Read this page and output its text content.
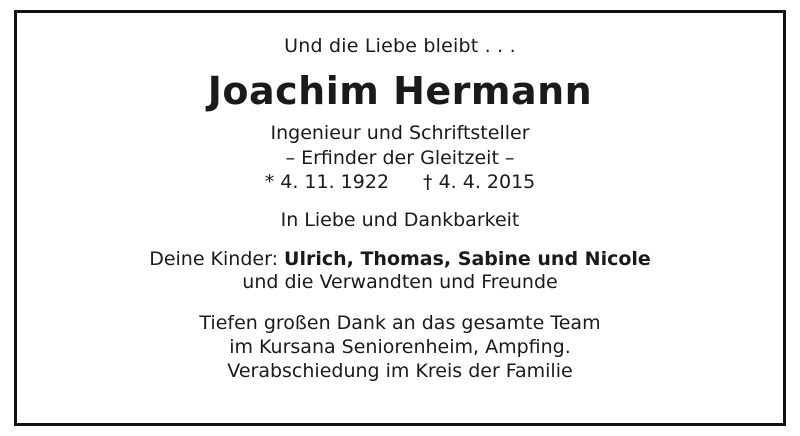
Und die Liebe bleibt . . .
Joachim Hermann
Ingenieur und Schriftsteller
– Erfinder der Gleitzeit –
* 4. 11. 1922 † 4. 4. 2015
In Liebe und Dankbarkeit
Deine Kinder: Ulrich, Thomas, Sabine und Nicole
und die Verwandten und Freunde
Tiefen großen Dank an das gesamte Team
im Kursana Seniorenheim, Ampfing.
Verabschiedung im Kreis der Familie
